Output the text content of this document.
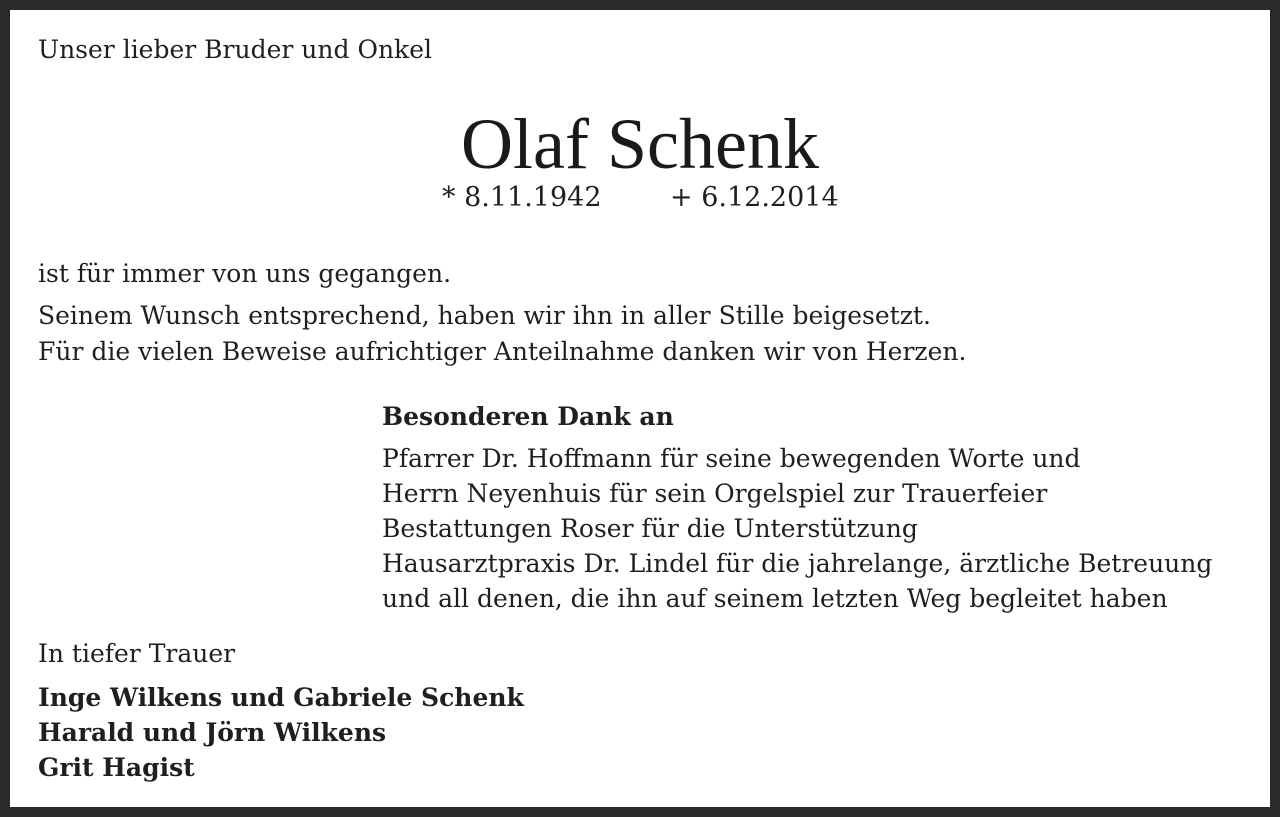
Unser lieber Bruder und Onkel
Olaf Schenk
* 8.11.1942	+ 6.12.2014
ist für immer von uns gegangen.
Seinem Wunsch entsprechend, haben wir ihn in aller Stille beigesetzt.
Für die vielen Beweise aufrichtiger Anteilnahme danken wir von Herzen.
Besonderen Dank an
Pfarrer Dr. Hoffmann für seine bewegenden Worte und
Herrn Neyenhuis für sein Orgelspiel zur Trauerfeier
Bestattungen Roser für die Unterstützung
Hausarztpraxis Dr. Lindel für die jahrelange, ärztliche Betreuung
und all denen, die ihn auf seinem letzten Weg begleitet haben
In tiefer Trauer
Inge Wilkens und Gabriele Schenk
Harald und Jörn Wilkens
Grit Hagist
